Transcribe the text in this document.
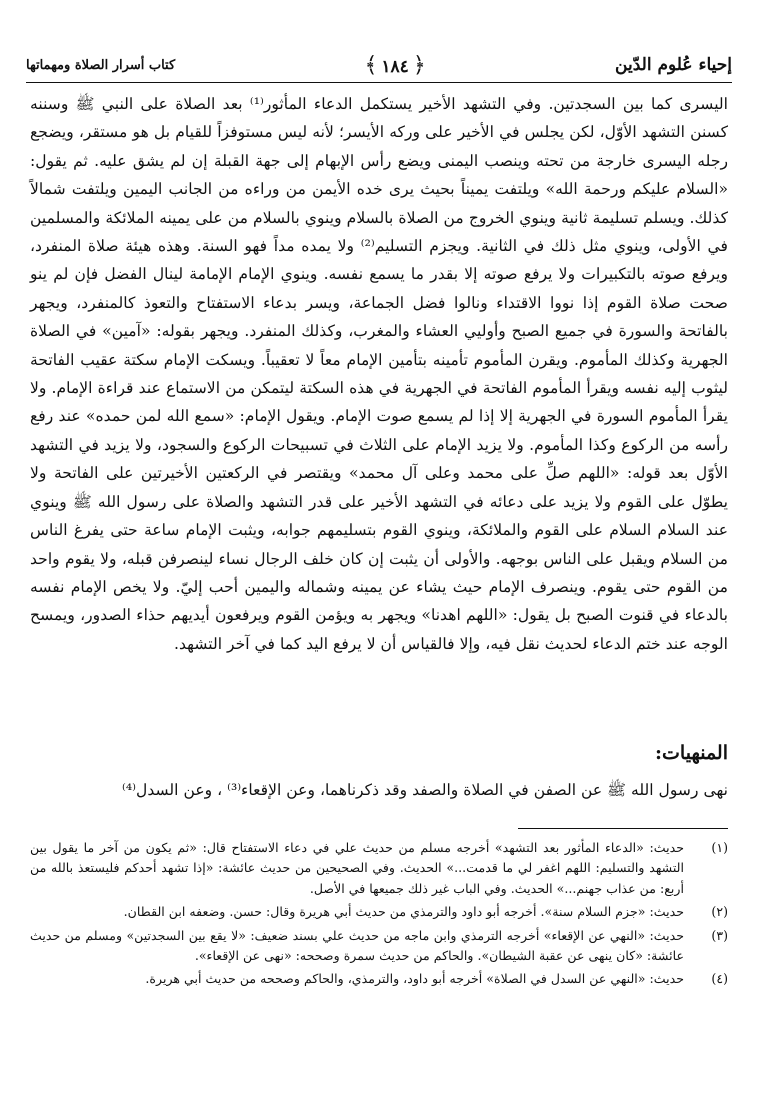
إحياء عُلوم الدّين
﴿١٨٤﴾
كتاب أسرار الصلاة ومهماتها

اليسرى كما بين السجدتين. وفي التشهد الأخير يستكمل الدعاء المأثور⁽¹⁾ بعد الصلاة على النبي ﷺ وسننه كسنن التشهد الأوّل، لكن يجلس في الأخير على وركه الأيسر؛ لأنه ليس مستوفزاً للقيام بل هو مستقر، ويضجع رجله اليسرى خارجة من تحته وينصب اليمنى ويضع رأس الإبهام إلى جهة القبلة إن لم يشق عليه. ثم يقول: «السلام عليكم ورحمة الله» ويلتفت يميناً بحيث يرى خده الأيمن من وراءه من الجانب اليمين ويلتفت شمالاً كذلك. ويسلم تسليمة ثانية وينوي الخروج من الصلاة بالسلام وينوي بالسلام من على يمينه الملائكة والمسلمين في الأولى، وينوي مثل ذلك في الثانية. ويجزم التسليم⁽²⁾ ولا يمده مداً فهو السنة. وهذه هيئة صلاة المنفرد، ويرفع صوته بالتكبيرات ولا يرفع صوته إلا بقدر ما يسمع نفسه. وينوي الإمام الإمامة لينال الفضل فإن لم ينو صحت صلاة القوم إذا نووا الاقتداء ونالوا فضل الجماعة، ويسر بدعاء الاستفتاح والتعوذ كالمنفرد، ويجهر بالفاتحة والسورة في جميع الصبح وأوليي العشاء والمغرب، وكذلك المنفرد. ويجهر بقوله: «آمين» في الصلاة الجهرية وكذلك المأموم. ويقرن المأموم تأمينه بتأمين الإمام معاً لا تعقيباً. ويسكت الإمام سكتة عقيب الفاتحة ليثوب إليه نفسه ويقرأ المأموم الفاتحة في الجهرية في هذه السكتة ليتمكن من الاستماع عند قراءة الإمام. ولا يقرأ المأموم السورة في الجهرية إلا إذا لم يسمع صوت الإمام. ويقول الإمام: «سمع الله لمن حمده» عند رفع رأسه من الركوع وكذا المأموم. ولا يزيد الإمام على الثلاث في تسبيحات الركوع والسجود، ولا يزيد في التشهد الأوّل بعد قوله: «اللهم صلِّ على محمد وعلى آل محمد» ويقتصر في الركعتين الأخيرتين على الفاتحة ولا يطوّل على القوم ولا يزيد على دعائه في التشهد الأخير على قدر التشهد والصلاة على رسول الله ﷺ وينوي عند السلام السلام على القوم والملائكة، وينوي القوم بتسليمهم جوابه، ويثبت الإمام ساعة حتى يفرغ الناس من السلام ويقبل على الناس بوجهه. والأولى أن يثبت إن كان خلف الرجال نساء لينصرفن قبله، ولا يقوم واحد من القوم حتى يقوم. وينصرف الإمام حيث يشاء عن يمينه وشماله واليمين أحب إليّ. ولا يخص الإمام نفسه بالدعاء في قنوت الصبح بل يقول: «اللهم اهدنا» ويجهر به ويؤمن القوم ويرفعون أيديهم حذاء الصدور، ويمسح الوجه عند ختم الدعاء لحديث نقل فيه، وإلا فالقياس أن لا يرفع اليد كما في آخر التشهد.

المنهيات:
نهى رسول الله ﷺ عن الصفن في الصلاة والصفد وقد ذكرناهما، وعن الإقعاء⁽³⁾ ، وعن السدل⁽⁴⁾
(١)
حديث: «الدعاء المأثور بعد التشهد» أخرجه مسلم من حديث علي في دعاء الاستفتاح قال: «ثم يكون من آخر ما يقول بين التشهد والتسليم: اللهم اغفر لي ما قدمت...» الحديث. وفي الصحيحين من حديث عائشة: «إذا تشهد أحدكم فليستعذ بالله من أربع: من عذاب جهنم...» الحديث. وفي الباب غير ذلك جميعها في الأصل.
(٢)
حديث: «جزم السلام سنة». أخرجه أبو داود والترمذي من حديث أبي هريرة وقال: حسن. وضعفه ابن القطان.
(٣)
حديث: «النهي عن الإقعاء» أخرجه الترمذي وابن ماجه من حديث علي بسند ضعيف: «لا يقع بين السجدتين» ومسلم من حديث عائشة: «كان ينهى عن عقبة الشيطان». والحاكم من حديث سمرة وصححه: «نهى عن الإقعاء».
(٤)
حديث: «النهي عن السدل في الصلاة» أخرجه أبو داود، والترمذي، والحاكم وصححه من حديث أبي هريرة.
